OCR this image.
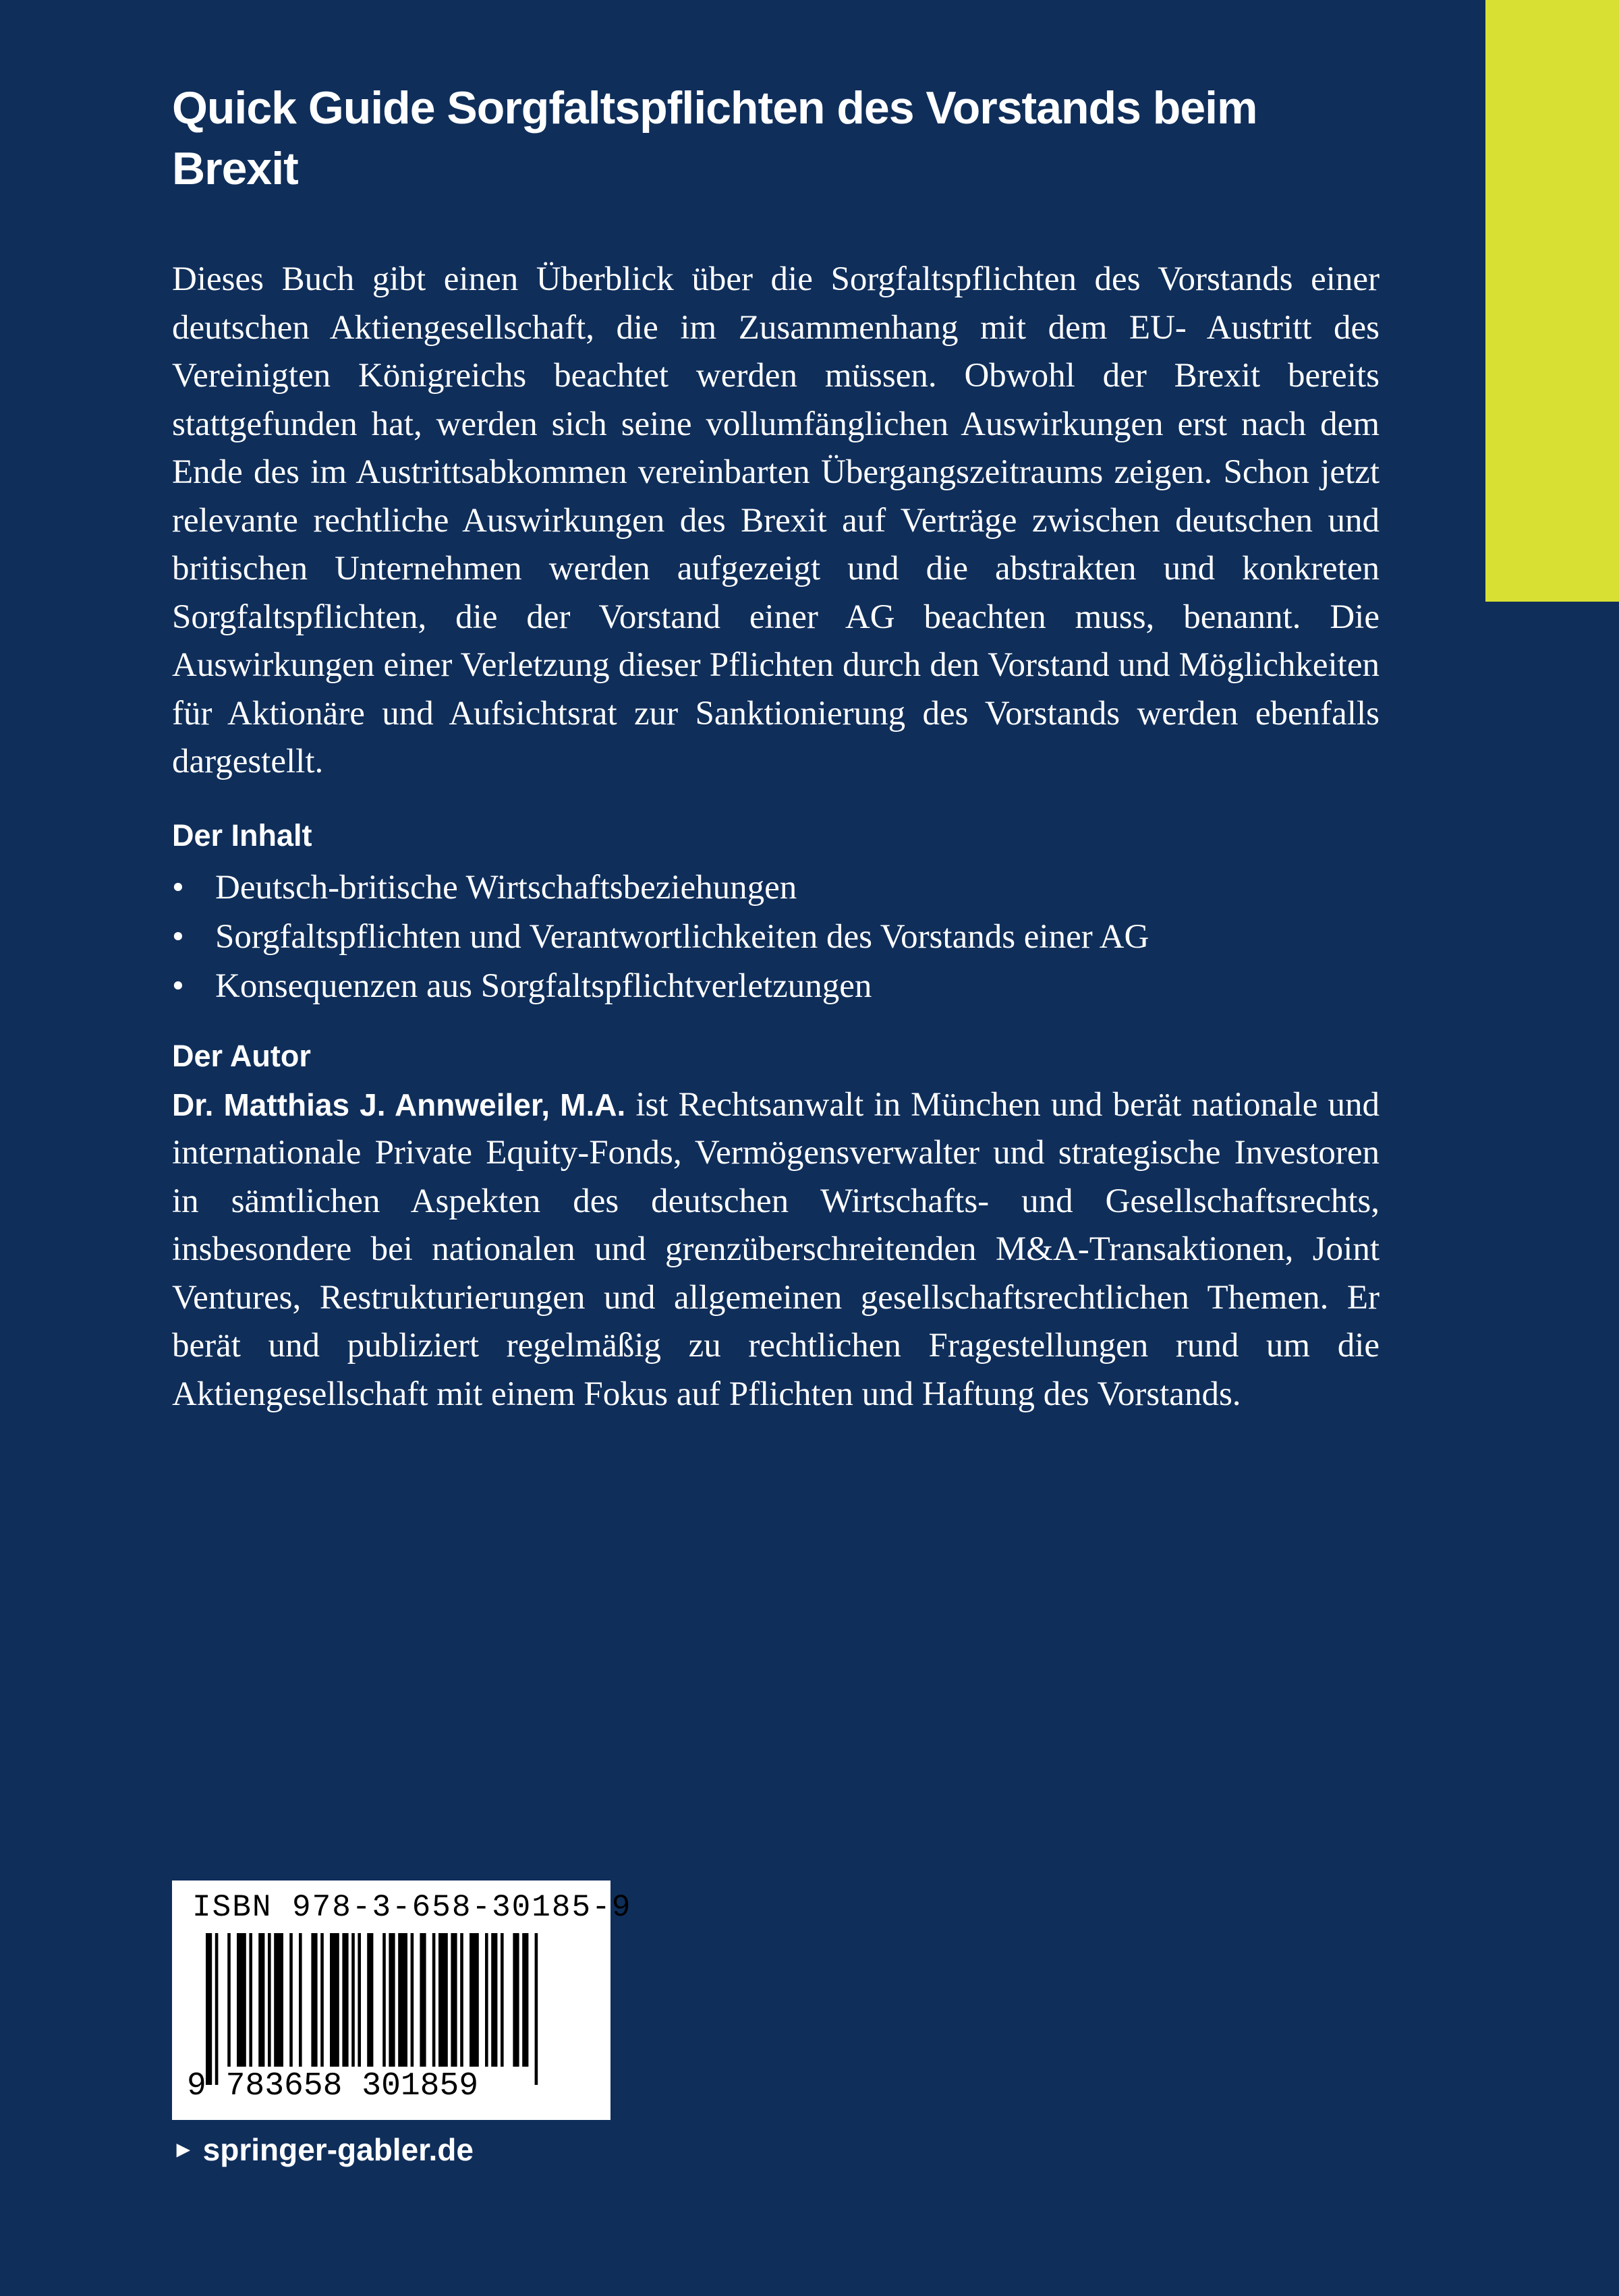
Quick Guide Sorgfaltspflichten des Vorstands beim Brexit

Dieses Buch gibt einen Überblick über die Sorgfaltspflichten des Vorstands einer deutschen Aktiengesellschaft, die im Zusammenhang mit dem EU- Austritt des Vereinigten Königreichs beachtet werden müssen. Obwohl der Brexit bereits stattgefunden hat, werden sich seine vollumfänglichen Auswirkungen erst nach dem Ende des im Austrittsabkommen vereinbarten Übergangszeitraums zeigen. Schon jetzt relevante rechtliche Auswirkungen des Brexit auf Verträge zwischen deutschen und britischen Unternehmen werden aufgezeigt und die abstrakten und konkreten Sorgfaltspflichten, die der Vorstand einer AG beachten muss, benannt. Die Auswirkungen einer Verletzung dieser Pflichten durch den Vorstand und Möglichkeiten für Aktionäre und Aufsichtsrat zur Sanktionierung des Vorstands werden ebenfalls dargestellt.

Der Inhalt
• Deutsch-britische Wirtschaftsbeziehungen
• Sorgfaltspflichten und Verantwortlichkeiten des Vorstands einer AG
• Konsequenzen aus Sorgfaltspflichtverletzungen
Der Autor

Dr. Matthias J. Annweiler, M.A. ist Rechtsanwalt in München und berät nationale und internationale Private Equity-Fonds, Vermögensverwalter und strategische Investoren in sämtlichen Aspekten des deutschen Wirtschafts- und Gesellschaftsrechts, insbesondere bei nationalen und grenzüberschreitenden M&A-Transaktionen, Joint Ventures, Restrukturierungen und allgemeinen gesellschaftsrechtlichen Themen. Er berät und publiziert regelmäßig zu rechtlichen Fragestellungen rund um die Aktiengesellschaft mit einem Fokus auf Pflichten und Haftung des Vorstands.

ISBN 978-3-658-30185-9
9 783658 301859
► springer-gabler.de
